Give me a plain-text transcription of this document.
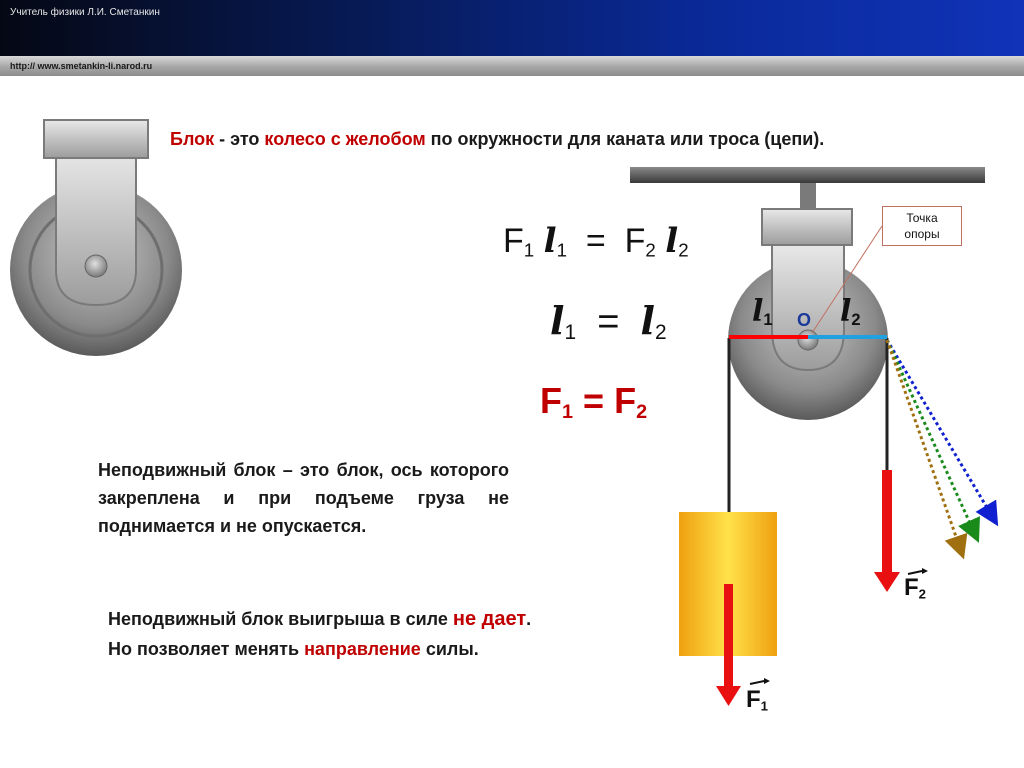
Учитель физики Л.И. Сметанкин
http:// www.smetankin-li.narod.ru
Блок - это колесо с желобом по окружности для каната или троса (цепи).
Точка
опоры
$l_1$ O $l_2$
$F_2$
$F_1$
$F_1$ $l_1 = F_2$ $l_2$
$l_1 = l_2$
$F_1 = F_2$
Неподвижный блок – это блок, ось которого закреплена и при подъеме груза не поднимается и не опускается.
Неподвижный блок выигрыша в силе не дает.
Но позволяет менять направление силы.
